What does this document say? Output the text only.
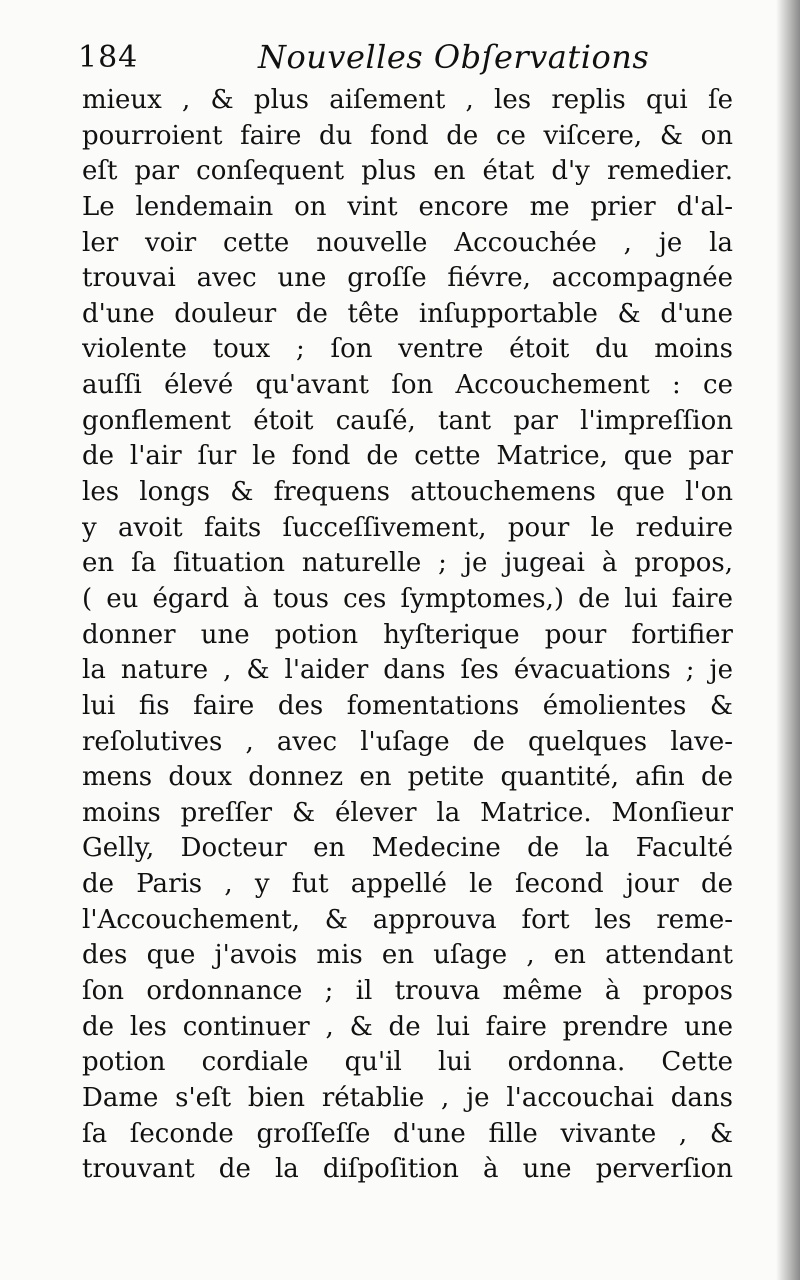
184	Nouvelles Obſervations
mieux , & plus aiſement , les replis qui ſe
pourroient faire du fond de ce viſcere, & on
eſt par conſequent plus en état d'y remedier.
Le lendemain on vint encore me prier d'al-
ler voir cette nouvelle Accouchée , je la
trouvai avec une groſſe fiévre, accompagnée
d'une douleur de tête inſupportable & d'une
violente toux ; ſon ventre étoit du moins
auſſi élevé qu'avant ſon Accouchement : ce
gonflement étoit cauſé, tant par l'impreſſion
de l'air ſur le fond de cette Matrice, que par
les longs & frequens attouchemens que l'on
y avoit faits ſucceſſivement, pour le reduire
en ſa ſituation naturelle ; je jugeai à propos,
( eu égard à tous ces ſymptomes,) de lui faire
donner une potion hyſterique pour fortifier
la nature , & l'aider dans ſes évacuations ; je
lui fis faire des fomentations émolientes &
reſolutives , avec l'uſage de quelques lave-
mens doux donnez en petite quantité, afin de
moins preſſer & élever la Matrice. Monſieur
Gelly, Docteur en Medecine de la Faculté
de Paris , y fut appellé le ſecond jour de
l'Accouchement, & approuva fort les reme-
des que j'avois mis en uſage , en attendant
ſon ordonnance ; il trouva même à propos
de les continuer , & de lui faire prendre une
potion cordiale qu'il lui ordonna. Cette
Dame s'eſt bien rétablie , je l'accouchai dans
ſa ſeconde groſſeſſe d'une fille vivante , &
trouvant de la diſpoſition à une perverſion
